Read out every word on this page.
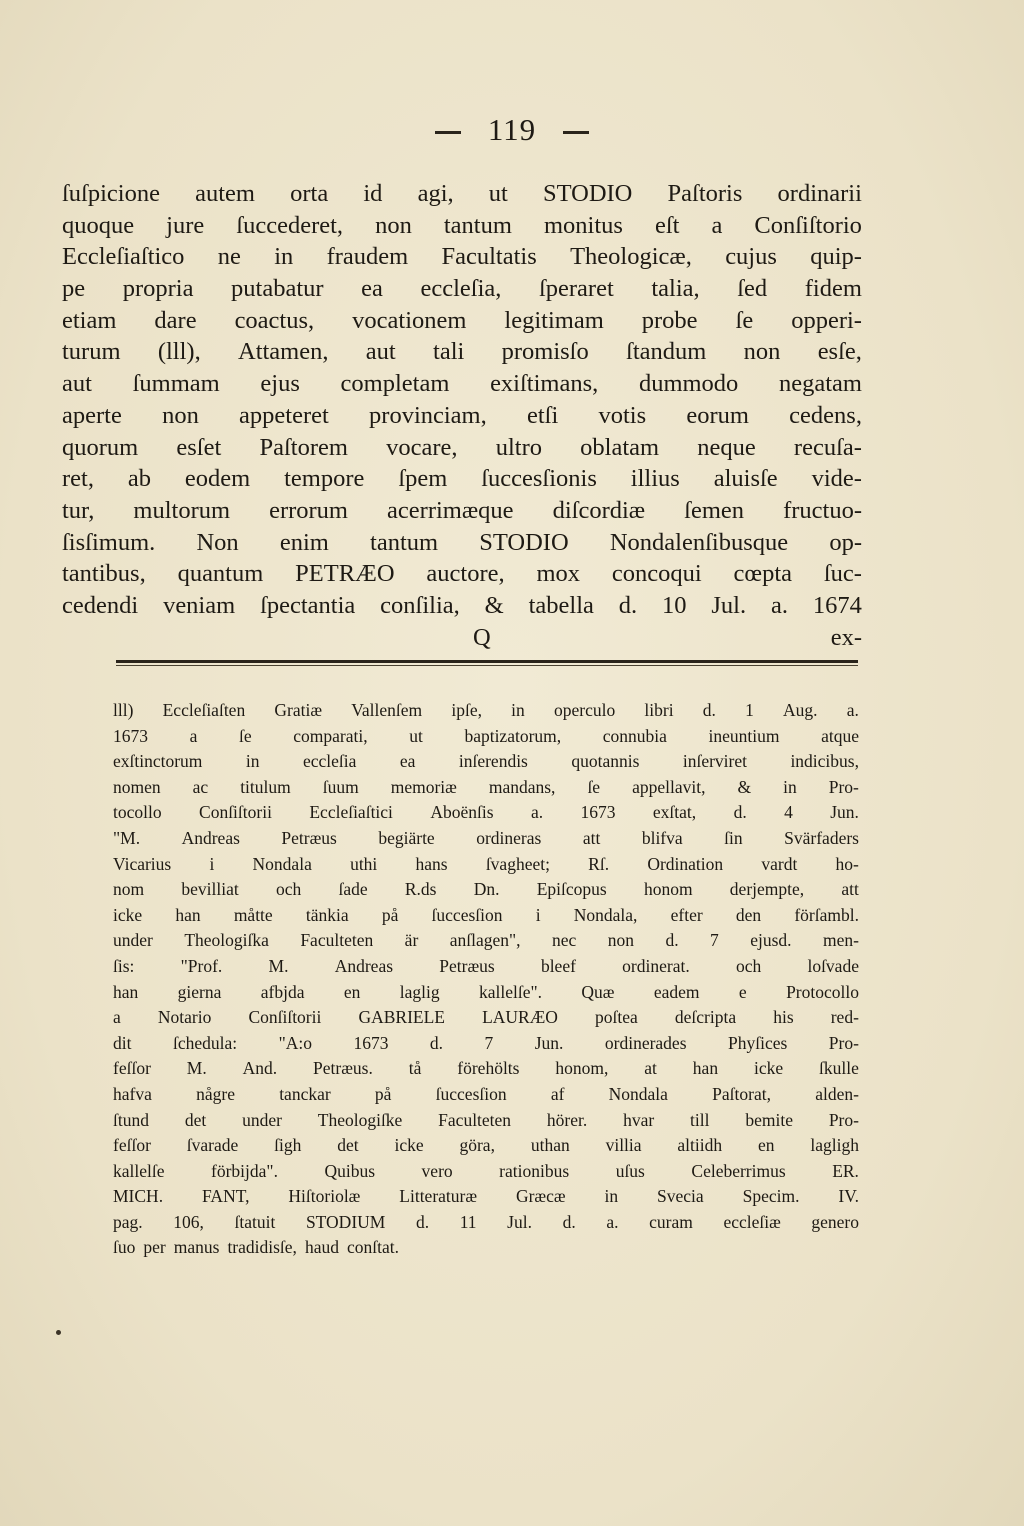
119
ſuſpicione autem orta id agi, ut STODIO Paſtoris ordinarii
quoque jure ſuccederet, non tantum monitus eſt a Conſiſtorio
Eccleſiaſtico ne in fraudem Facultatis Theologicæ, cujus quip-
pe propria putabatur ea eccleſia, ſperaret talia, ſed fidem
etiam dare coactus, vocationem legitimam probe ſe opperi-
turum (lll), Attamen, aut tali promisſo ſtandum non esſe,
aut ſummam ejus completam exiſtimans, dummodo negatam
aperte non appeteret provinciam, etſi votis eorum cedens,
quorum esſet Paſtorem vocare, ultro oblatam neque recuſa-
ret, ab eodem tempore ſpem ſuccesſionis illius aluisſe vide-
tur, multorum errorum acerrimæque diſcordiæ ſemen fructuo-
ſisſimum. Non enim tantum STODIO Nondalenſibusque op-
tantibus, quantum PETRÆO auctore, mox concoqui cœpta ſuc-
cedendi veniam ſpectantia conſilia, & tabella d. 10 Jul. a. 1674
Q	ex-
lll) Eccleſiaſten Gratiæ Vallenſem ipſe, in operculo libri d. 1 Aug. a.
1673 a ſe comparati, ut baptizatorum, connubia ineuntium atque
exſtinctorum in eccleſia ea inſerendis quotannis inſerviret indicibus,
nomen ac titulum ſuum memoriæ mandans, ſe appellavit, & in Pro-
tocollo Conſiſtorii Eccleſiaſtici Aboënſis a. 1673 exſtat, d. 4 Jun.
"M. Andreas Petræus begiärte ordineras att blifva ſin Svärfaders
Vicarius i Nondala uthi hans ſvagheet; Rſ. Ordination vardt ho-
nom bevilliat och ſade R.ds Dn. Epiſcopus honom derjempte, att
icke han måtte tänkia på ſuccesſion i Nondala, efter den förſambl.
under Theologiſka Faculteten är anſlagen", nec non d. 7 ejusd. men-
ſis:	"Prof.	M.	Andreas	Petræus	bleef	ordinerat.	och	loſvade
han gierna afbjda en laglig kallelſe". Quæ eadem e Protocollo
a Notario Conſiſtorii GABRIELE LAURÆO poſtea deſcripta his red-
dit ſchedula: "A:o 1673 d. 7 Jun. ordinerades Phyſices Pro-
feſſor M. And. Petræus. tå förehölts honom, at han icke ſkulle
hafva	någre	tanckar	på	ſuccesſion	af	Nondala	Paſtorat,	alden-
ſtund det under Theologiſke Faculteten hörer. hvar till bemite Pro-
feſſor ſvarade ſigh det icke göra, uthan villia altiidh en lagligh
kallelſe	förbijda".	Quibus	vero	rationibus	uſus	Celeberrimus	ER.
MICH. FANT, Hiſtoriolæ Litteraturæ Græcæ in Svecia Specim. IV.
pag. 106, ſtatuit STODIUM d. 11 Jul. d. a. curam eccleſiæ genero
ſuo per manus tradidisſe, haud conſtat.
